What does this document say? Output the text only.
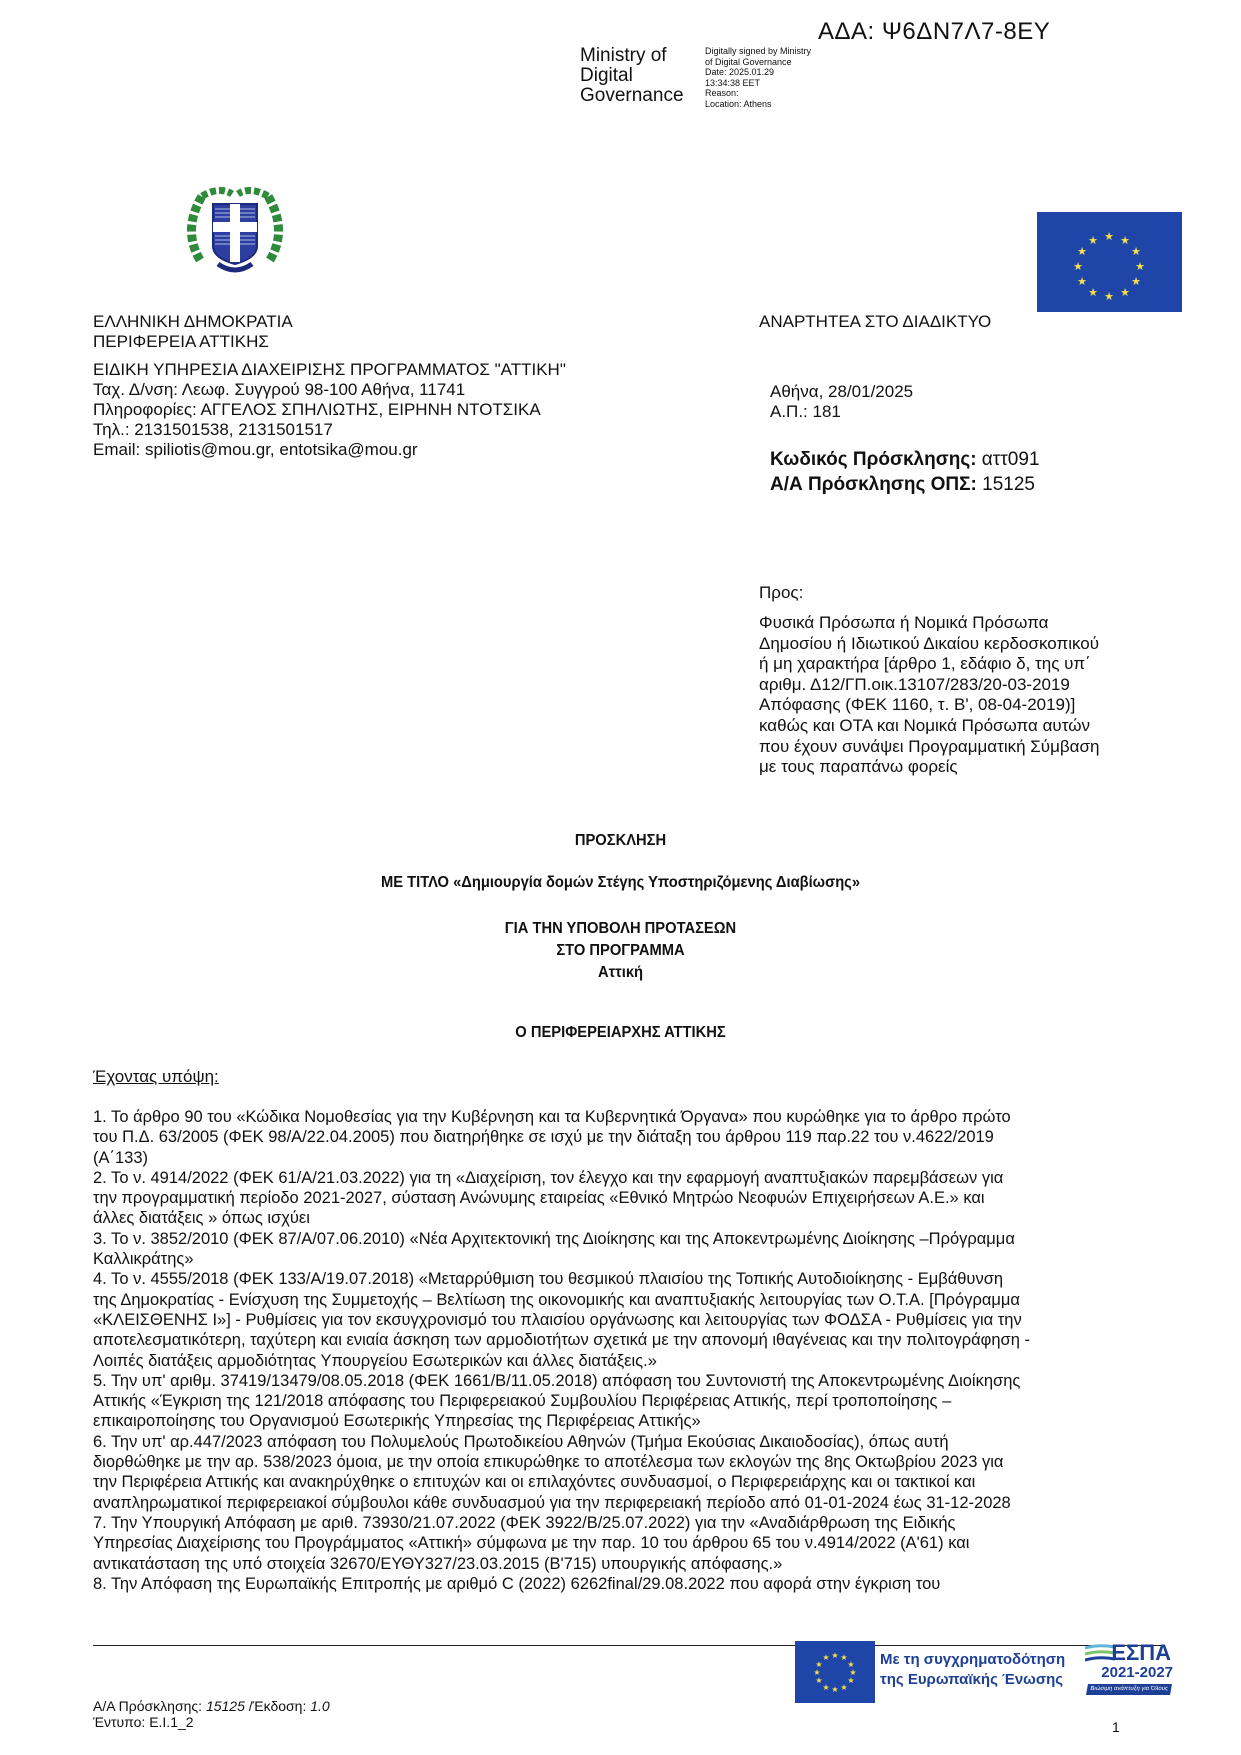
ΑΔΑ: Ψ6ΔΝ7Λ7-8ΕΥ
Ministry of
Digital
Governance
Digitally signed by Ministry
of Digital Governance
Date: 2025.01.29
13:34:38 EET
Reason:
Location: Athens
★ ★
★
★
★
★
★
★
★
★
★
★
ΕΛΛΗΝΙΚΗ ΔΗΜΟΚΡΑΤΙΑ
ΠΕΡΙΦΕΡΕΙΑ ΑΤΤΙΚΗΣ
ΕΙΔΙΚΗ ΥΠΗΡΕΣΙΑ ΔΙΑΧΕΙΡΙΣΗΣ ΠΡΟΓΡΑΜΜΑΤΟΣ "ΑΤΤΙΚΗ"
Ταχ. Δ/νση: Λεωφ. Συγγρού 98-100 Αθήνα, 11741
Πληροφορίες: ΑΓΓΕΛΟΣ ΣΠΗΛΙΩΤΗΣ, ΕΙΡΗΝΗ ΝΤΟΤΣΙΚΑ
Τηλ.: 2131501538, 2131501517
Email: spiliotis@mou.gr, entotsika@mou.gr
ΑΝΑΡΤΗΤΕΑ ΣΤΟ ΔΙΑΔΙΚΤΥΟ
Αθήνα, 28/01/2025
Α.Π.: 181
Κωδικός Πρόσκλησης: αττ091
Α/Α Πρόσκλησης ΟΠΣ: 15125
Προς:
Φυσικά Πρόσωπα ή Νομικά Πρόσωπα
Δημοσίου ή Ιδιωτικού Δικαίου κερδοσκοπικού
ή μη χαρακτήρα [άρθρο 1, εδάφιο δ, της υπ΄
αριθμ. Δ12/ΓΠ.οικ.13107/283/20-03-2019
Απόφασης (ΦΕΚ 1160, τ. Β', 08-04-2019)]
καθώς και ΟΤΑ και Νομικά Πρόσωπα αυτών
που έχουν συνάψει Προγραμματική Σύμβαση
με τους παραπάνω φορείς
ΠΡΟΣΚΛΗΣΗ
ΜΕ ΤΙΤΛΟ «Δημιουργία δομών Στέγης Υποστηριζόμενης Διαβίωσης»
ΓΙΑ ΤΗΝ ΥΠΟΒΟΛΗ ΠΡΟΤΑΣΕΩΝ
ΣΤΟ ΠΡΟΓΡΑΜΜΑ
Αττική
Ο ΠΕΡΙΦΕΡΕΙΑΡΧΗΣ ΑΤΤΙΚΗΣ
Έχοντας υπόψη:
1. Το άρθρο 90 του «Κώδικα Νομοθεσίας για την Κυβέρνηση και τα Κυβερνητικά Όργανα» που κυρώθηκε για το άρθρο πρώτο
του Π.Δ. 63/2005 (ΦΕΚ 98/Α/22.04.2005) που διατηρήθηκε σε ισχύ με την διάταξη του άρθρου 119 παρ.22 του ν.4622/2019
(Α΄133)
2. Το ν. 4914/2022 (ΦΕΚ 61/Α/21.03.2022) για τη «Διαχείριση, τον έλεγχο και την εφαρμογή αναπτυξιακών παρεμβάσεων για
την προγραμματική περίοδο 2021-2027, σύσταση Ανώνυμης εταιρείας «Εθνικό Μητρώο Νεοφυών Επιχειρήσεων Α.Ε.» και
άλλες διατάξεις » όπως ισχύει
3. Το ν. 3852/2010 (ΦΕΚ 87/Α/07.06.2010) «Νέα Αρχιτεκτονική της Διοίκησης και της Αποκεντρωμένης Διοίκησης –Πρόγραμμα
Καλλικράτης»
4. Το ν. 4555/2018 (ΦΕΚ 133/Α/19.07.2018) «Μεταρρύθμιση του θεσμικού πλαισίου της Τοπικής Αυτοδιοίκησης - Εμβάθυνση
της Δημοκρατίας - Ενίσχυση της Συμμετοχής – Βελτίωση της οικονομικής και αναπτυξιακής λειτουργίας των Ο.Τ.Α. [Πρόγραμμα
«ΚΛΕΙΣΘΕΝΗΣ Ι»] - Ρυθμίσεις για τον εκσυγχρονισμό του πλαισίου οργάνωσης και λειτουργίας των ΦΟΔΣΑ - Ρυθμίσεις για την
αποτελεσματικότερη, ταχύτερη και ενιαία άσκηση των αρμοδιοτήτων σχετικά με την απονομή ιθαγένειας και την πολιτογράφηση -
Λοιπές διατάξεις αρμοδιότητας Υπουργείου Εσωτερικών και άλλες διατάξεις.»
5. Την υπ' αριθμ. 37419/13479/08.05.2018 (ΦΕΚ 1661/Β/11.05.2018) απόφαση του Συντονιστή της Αποκεντρωμένης Διοίκησης
Αττικής «Έγκριση της 121/2018 απόφασης του Περιφερειακού Συμβουλίου Περιφέρειας Αττικής, περί τροποποίησης –
επικαιροποίησης του Οργανισμού Εσωτερικής Υπηρεσίας της Περιφέρειας Αττικής»
6. Την υπ' αρ.447/2023 απόφαση του Πολυμελούς Πρωτοδικείου Αθηνών (Τμήμα Εκούσιας Δικαιοδοσίας), όπως αυτή
διορθώθηκε με την αρ. 538/2023 όμοια, με την οποία επικυρώθηκε το αποτέλεσμα των εκλογών της 8ης Οκτωβρίου 2023 για
την Περιφέρεια Αττικής και ανακηρύχθηκε ο επιτυχών και οι επιλαχόντες συνδυασμοί, ο Περιφερειάρχης και οι τακτικοί και
αναπληρωματικοί περιφερειακοί σύμβουλοι κάθε συνδυασμού για την περιφερειακή περίοδο από 01-01-2024 έως 31-12-2028
7. Την Υπουργική Απόφαση με αριθ. 73930/21.07.2022 (ΦΕΚ 3922/Β/25.07.2022) για την «Αναδιάρθρωση της Ειδικής
Υπηρεσίας Διαχείρισης του Προγράμματος «Αττική» σύμφωνα με την παρ. 10 του άρθρου 65 του ν.4914/2022 (Α'61) και
αντικατάσταση της υπό στοιχεία 32670/ΕΥΘΥ327/23.03.2015 (Β'715) υπουργικής απόφασης.»
8. Την Απόφαση της Ευρωπαϊκής Επιτροπής με αριθμό C (2022) 6262final/29.08.2022 που αφορά στην έγκριση του
★ ★
★
★
★
★
★
★
★
★
★
★	Με τη συγχρηματοδότηση
της Ευρωπαϊκής Ένωσης
ΕΣΠΑ
2021-2027
Βιώσιμη ανάπτυξη για Όλους
Α/Α Πρόσκλησης: 15125 /Έκδοση: 1.0
Έντυπο: Ε.Ι.1_2	1
